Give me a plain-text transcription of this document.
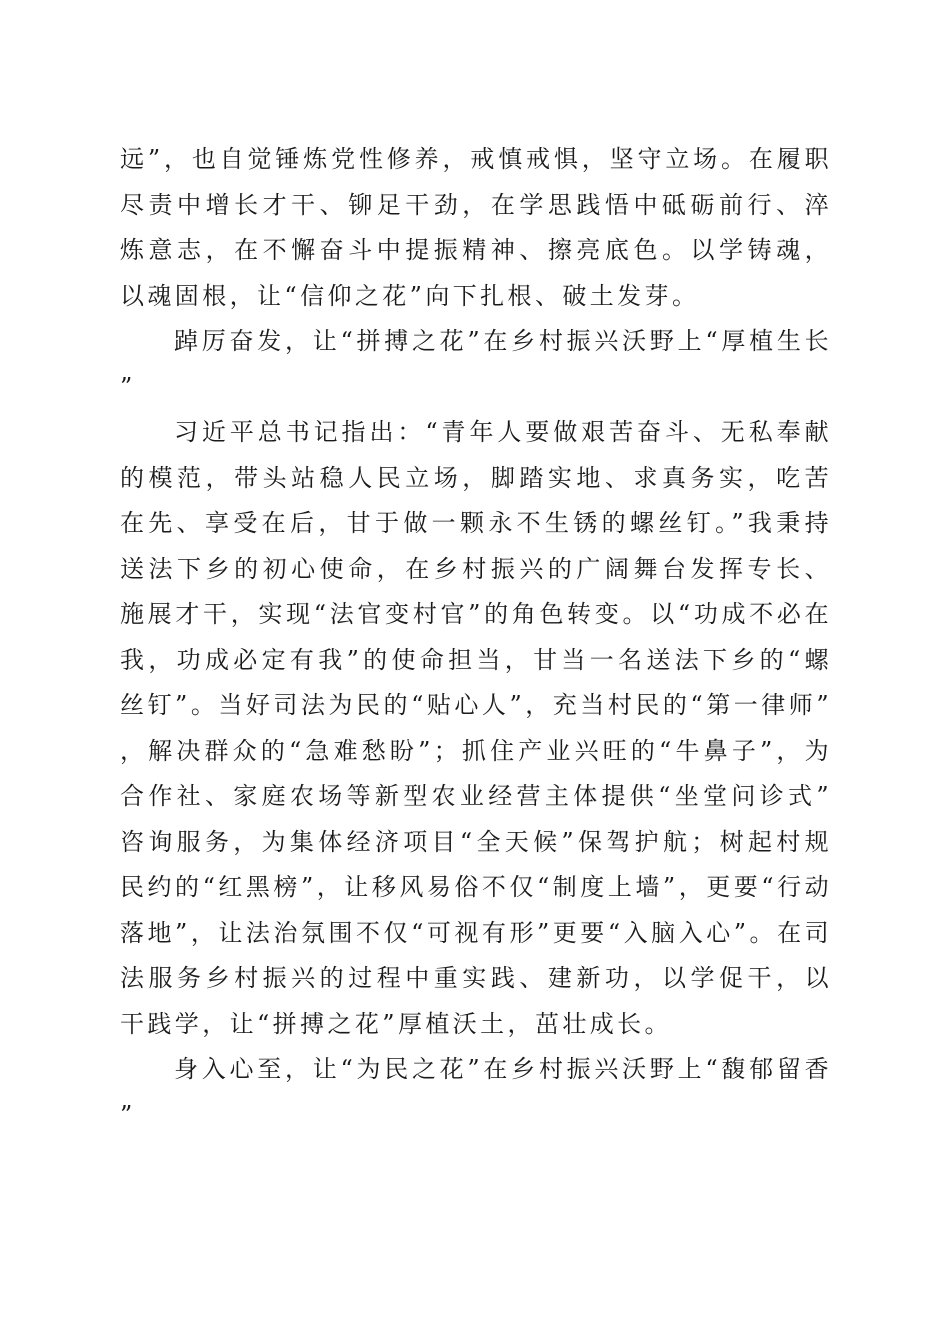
远”，也自觉锤炼党性修养，戒慎戒惧，坚守立场。在履职尽责中增长才干、铆足干劲，在学思践悟中砥砺前行、淬炼意志，在不懈奋斗中提振精神、擦亮底色。以学铸魂，以魂固根，让“信仰之花”向下扎根、破土发芽。

踔厉奋发，让“拼搏之花”在乡村振兴沃野上“厚植生长”

习近平总书记指出：“青年人要做艰苦奋斗、无私奉献的模范，带头站稳人民立场，脚踏实地、求真务实，吃苦在先、享受在后，甘于做一颗永不生锈的螺丝钉。”我秉持送法下乡的初心使命，在乡村振兴的广阔舞台发挥专长、施展才干，实现“法官变村官”的角色转变。以“功成不必在我，功成必定有我”的使命担当，甘当一名送法下乡的“螺丝钉”。当好司法为民的“贴心人”，充当村民的“第一律师”，解决群众的“急难愁盼”；抓住产业兴旺的“牛鼻子”，为合作社、家庭农场等新型农业经营主体提供“坐堂问诊式”咨询服务，为集体经济项目“全天候”保驾护航；树起村规民约的“红黑榜”，让移风易俗不仅“制度上墙”，更要“行动落地”，让法治氛围不仅“可视有形”更要“入脑入心”。在司法服务乡村振兴的过程中重实践、建新功，以学促干，以干践学，让“拼搏之花”厚植沃土，茁壮成长。

身入心至，让“为民之花”在乡村振兴沃野上“馥郁留香”
